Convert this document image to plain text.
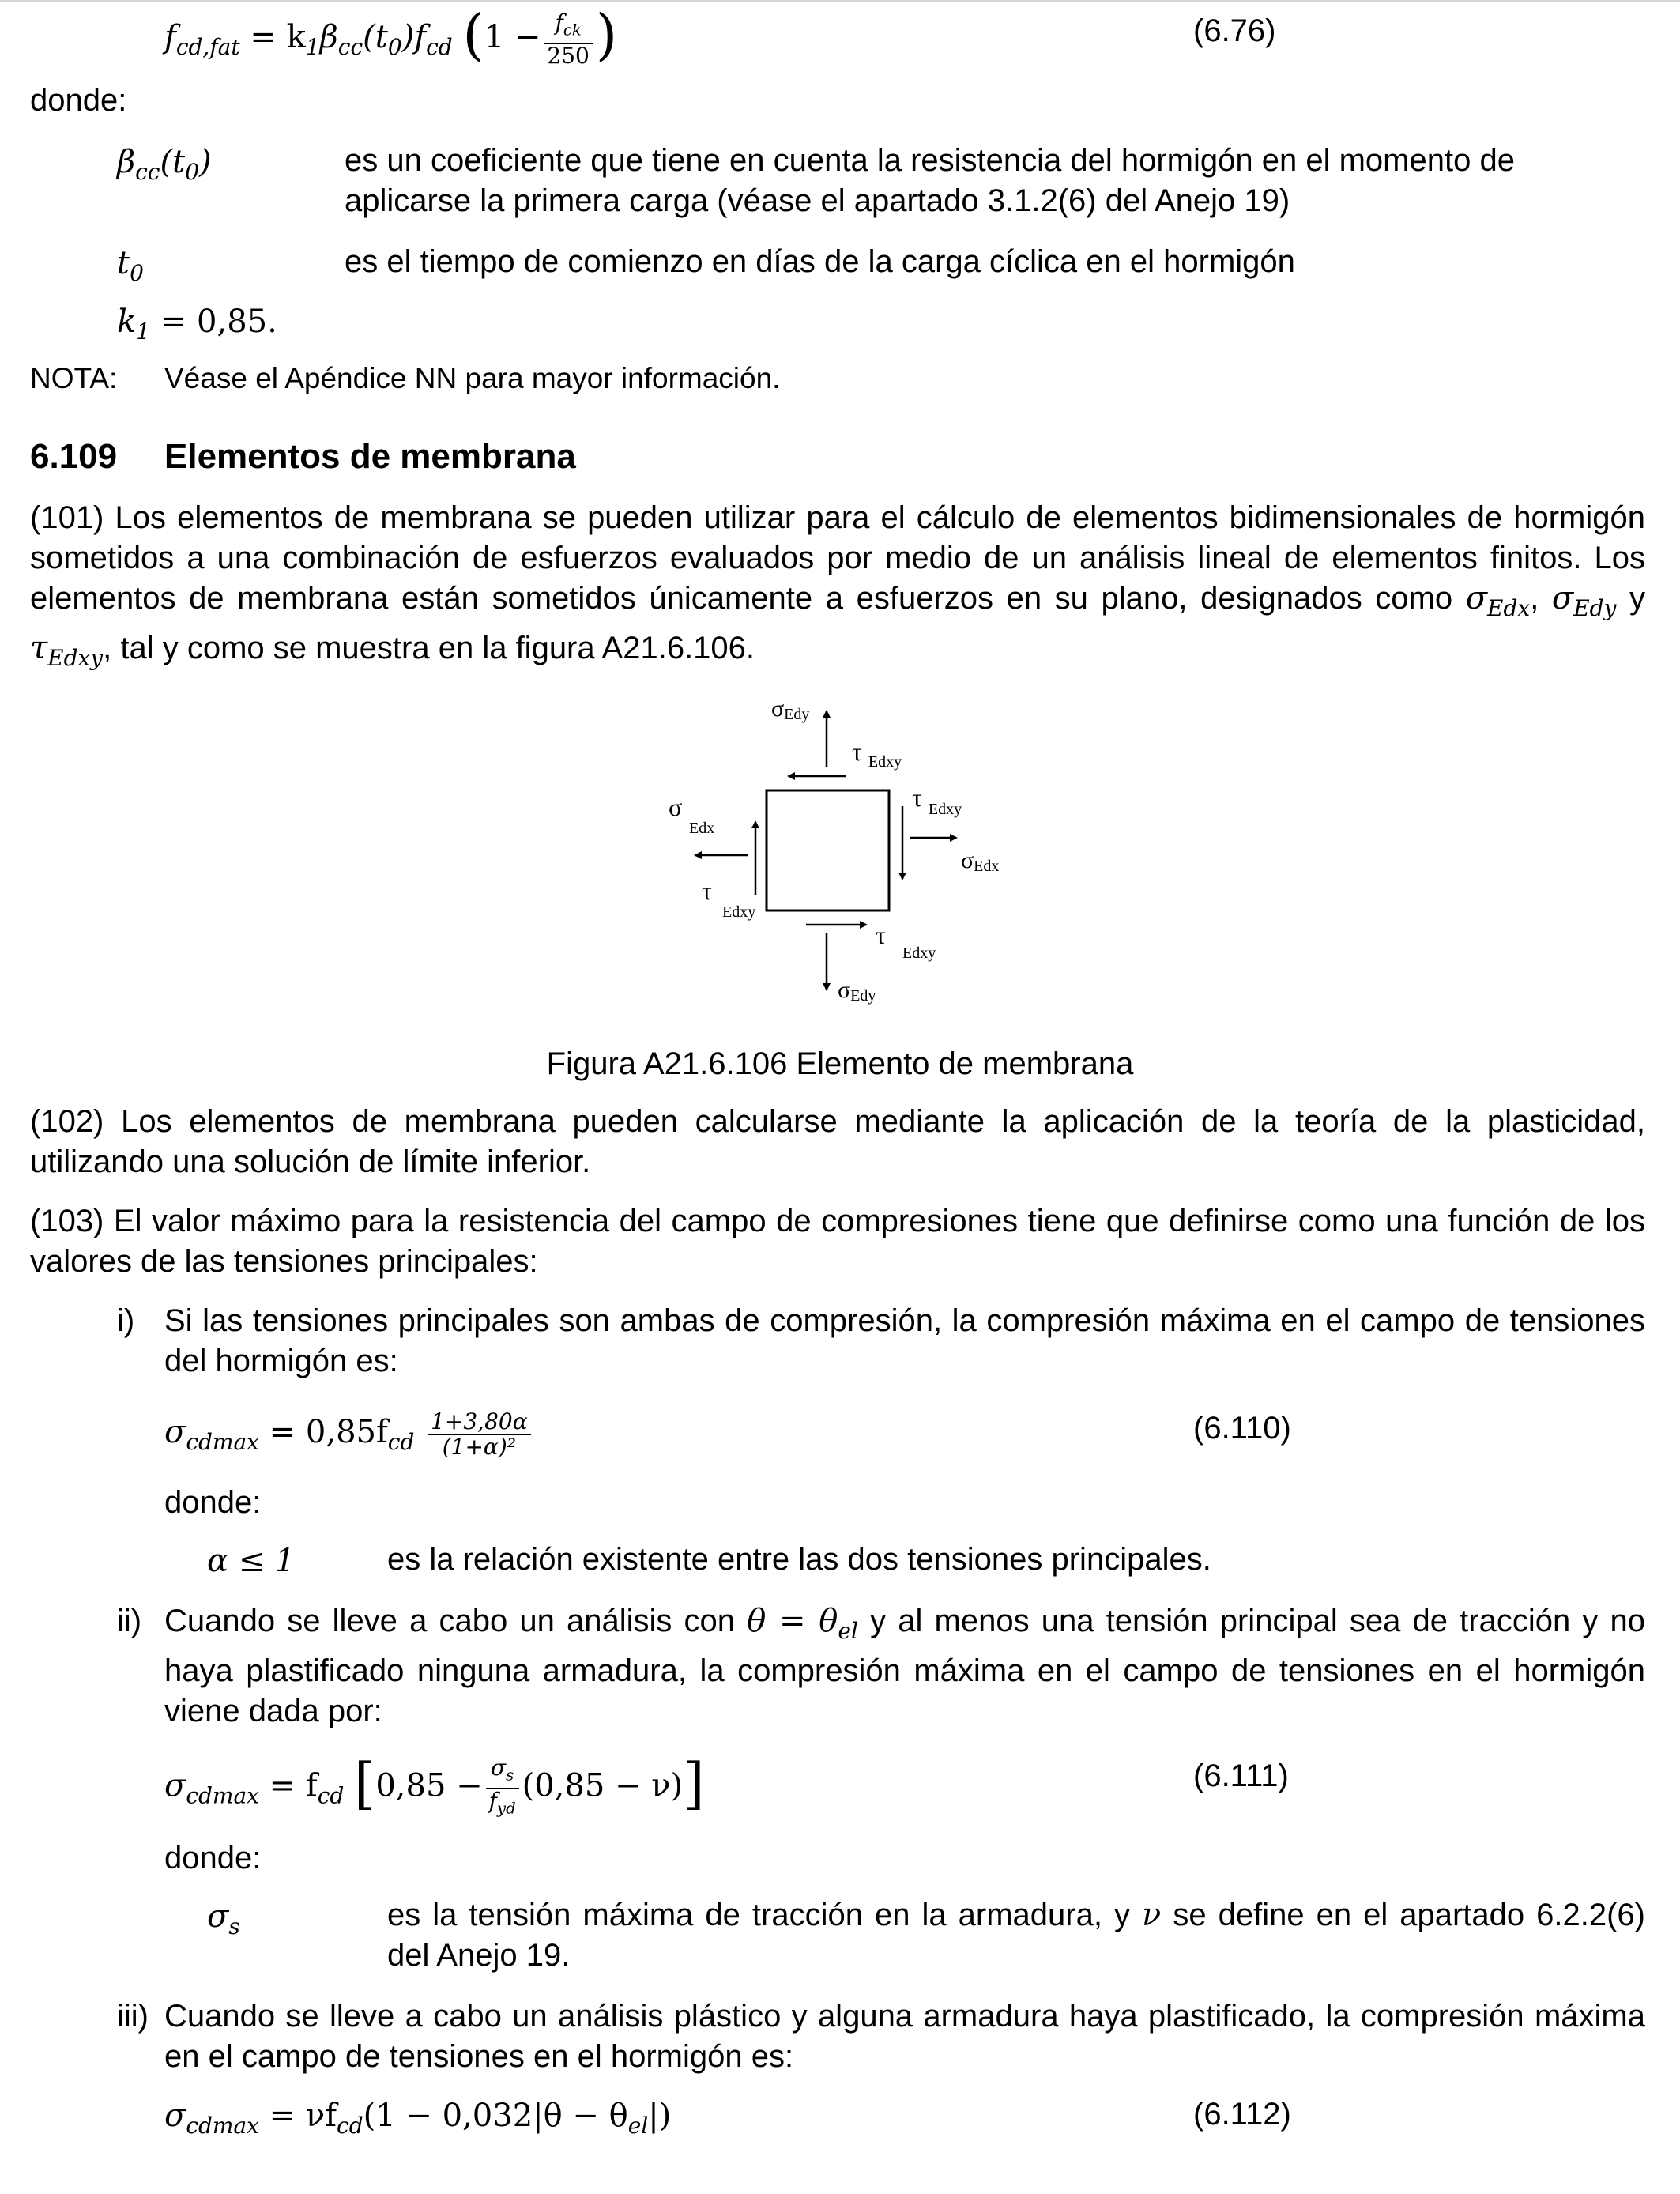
$f_{cd,fat} = k_1\beta_{cc}(t_0)f_{cd}$ ($1 - \frac{f_{ck}}{250}$ )	(6.76)
donde:
$\beta_{cc}(t_0)$	es un coeficiente que tiene en cuenta la resistencia del hormigón en el momento de aplicarse la primera carga (véase el apartado 3.1.2(6) del Anejo 19)
$t_0$	es el tiempo de comienzo en días de la carga cíclica en el hormigón
$k_1 = 0,85$.
NOTA: Véase el Apéndice NN para mayor información.
6.109 Elementos de membrana
(101) Los elementos de membrana se pueden utilizar para el cálculo de elementos bidimensionales de hormigón sometidos a una combinación de esfuerzos evaluados por medio de un análisis lineal de elementos finitos. Los elementos de membrana están sometidos únicamente a esfuerzos en su plano, designados como $\sigma_{Edx}$, $\sigma_{Edy}$ y $\tau_{Edxy}$, tal y como se muestra en la figura A21.6.106.
σEdy
τ $_{Edxy}$
τ $_{Edxy}$
σEdx
σ
Edx
τ
Edxy
τ
Edxy
σEdy
Figura A21.6.106 Elemento de membrana
(102) Los elementos de membrana pueden calcularse mediante la aplicación de la teoría de la plasticidad, utilizando una solución de límite inferior.
(103) El valor máximo para la resistencia del campo de compresiones tiene que definirse como una función de los valores de las tensiones principales:
i) Si las tensiones principales son ambas de compresión, la compresión máxima en el campo de tensiones del hormigón es:
$\sigma_{cdmax} = 0,85f_{cd} \frac{1+3,80\alpha}{\text{(1+α)²}}$	(6.110)
donde:
α ≤ 1	es la relación existente entre las dos tensiones principales.
ii) Cuando se lleve a cabo un análisis con $\theta = \theta_{el}$ y al menos una tensión principal sea de tracción y no haya plastificado ninguna armadura, la compresión máxima en el campo de tensiones en el hormigón viene dada por:
$\sigma_{cdmax} = f_{cd}$ $[0,85 - \frac{\sigma_s}{f_{yd}} (0,85 - \nu)]$	(6.111)
donde:
$\sigma_s$	es la tensión máxima de tracción en la armadura, y ν se define en el apartado 6.2.2(6) del Anejo 19.
iii) Cuando se lleve a cabo un análisis plástico y alguna armadura haya plastificado, la compresión máxima en el campo de tensiones en el hormigón es:
$\sigma_{cdmax} = \nu f_{cd}(1 - 0,032|\theta - \theta_{el}|)$	(6.112)
